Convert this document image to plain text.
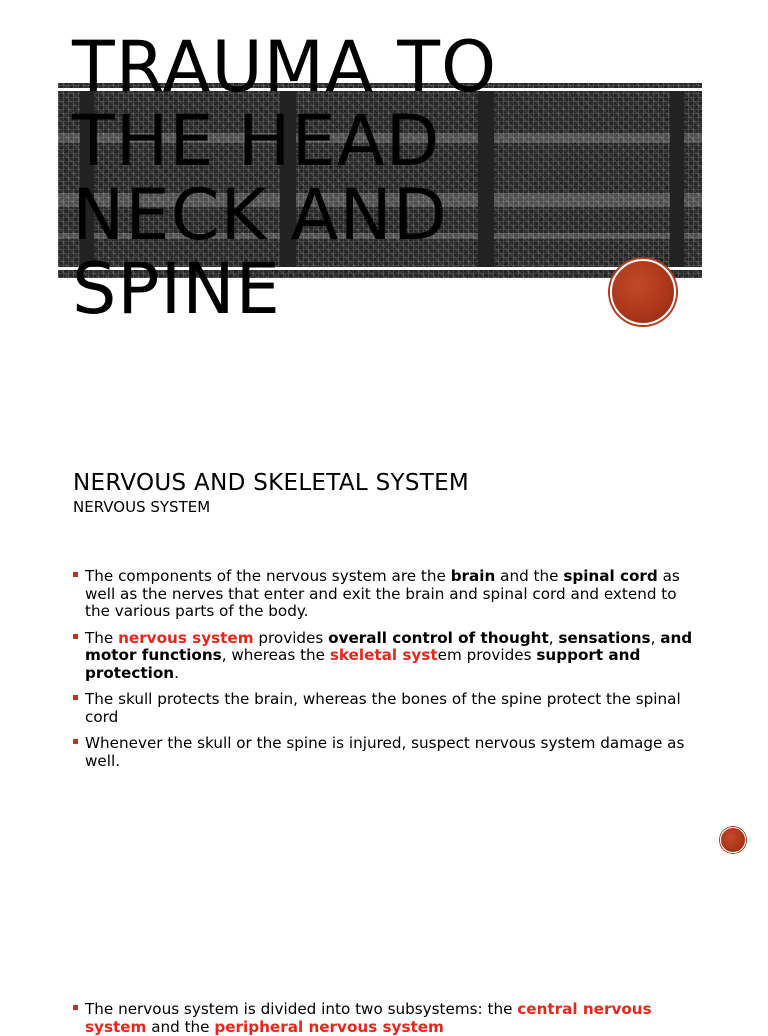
TRAUMA TO
THE HEAD
NECK AND
SPINE
NERVOUS AND SKELETAL SYSTEM
NERVOUS SYSTEM
The components of the nervous system are the brain and the spinal cord as well as the nerves that enter and exit the brain and spinal cord and extend to the various parts of the body.
The nervous system provides overall control of thought, sensations, and motor functions, whereas the skeletal system provides support and protection.
The skull protects the brain, whereas the bones of the spine protect the spinal cord
Whenever the skull or the spine is injured, suspect nervous system damage as well.
The nervous system is divided into two subsystems: the central nervous system and the peripheral nervous system
